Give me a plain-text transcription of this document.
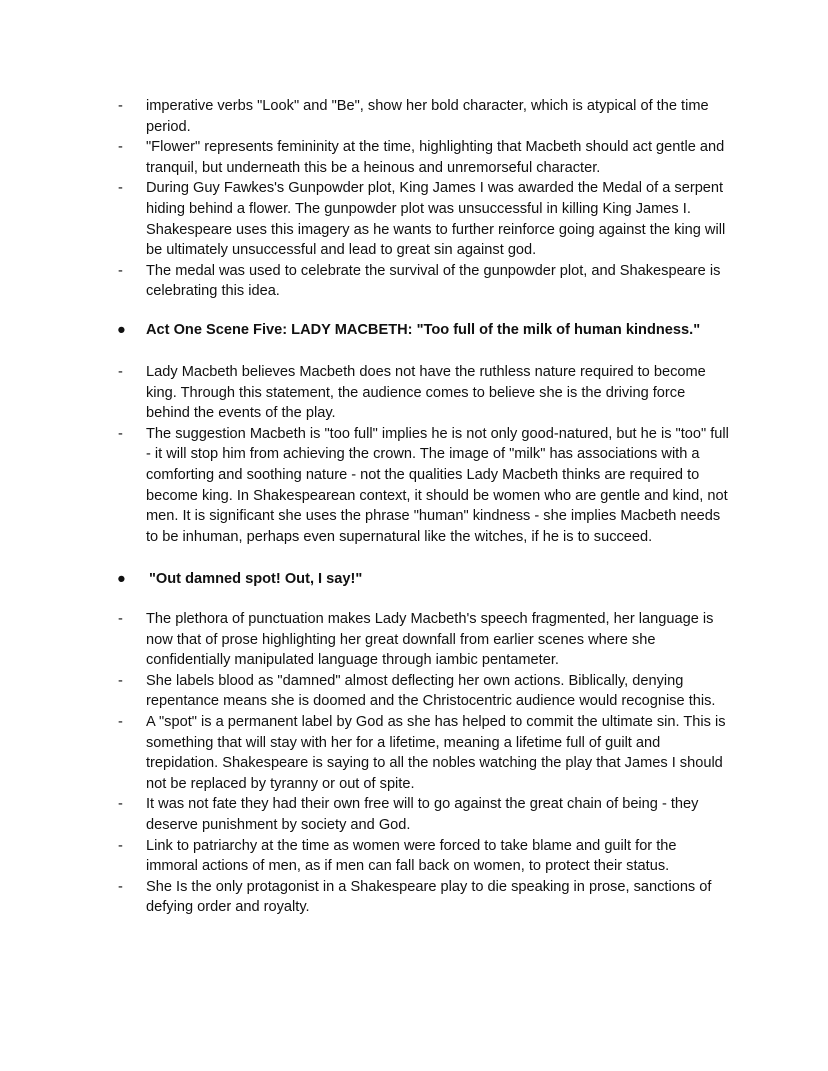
-	imperative verbs "Look" and "Be", show her bold character, which is atypical of the time period.
-	"Flower" represents femininity at the time, highlighting that Macbeth should act gentle and tranquil, but underneath this be a heinous and unremorseful character.
-	During Guy Fawkes's Gunpowder plot, King James I was awarded the Medal of a serpent hiding behind a flower. The gunpowder plot was unsuccessful in killing King James I. Shakespeare uses this imagery as he wants to further reinforce going against the king will be ultimately unsuccessful and lead to great sin against god.
-	The medal was used to celebrate the survival of the gunpowder plot, and Shakespeare is celebrating this idea.
● Act One Scene Five: LADY MACBETH: "Too full of the milk of human kindness."
-	Lady Macbeth believes Macbeth does not have the ruthless nature required to become king. Through this statement, the audience comes to believe she is the driving force behind the events of the play.
-	The suggestion Macbeth is "too full" implies he is not only good-natured, but he is "too" full - it will stop him from achieving the crown. The image of "milk" has associations with a comforting and soothing nature - not the qualities Lady Macbeth thinks are required to become king. In Shakespearean context, it should be women who are gentle and kind, not men. It is significant she uses the phrase "human" kindness - she implies Macbeth needs to be inhuman, perhaps even supernatural like the witches, if he is to succeed.
● "Out damned spot! Out, I say!"
-	The plethora of punctuation makes Lady Macbeth's speech fragmented, her language is now that of prose highlighting her great downfall from earlier scenes where she confidentially manipulated language through iambic pentameter.
-	She labels blood as "damned" almost deflecting her own actions. Biblically, denying repentance means she is doomed and the Christocentric audience would recognise this.
-	A "spot" is a permanent label by God as she has helped to commit the ultimate sin. This is something that will stay with her for a lifetime, meaning a lifetime full of guilt and trepidation. Shakespeare is saying to all the nobles watching the play that James I should not be replaced by tyranny or out of spite.
-	It was not fate they had their own free will to go against the great chain of being - they deserve punishment by society and God.
-	Link to patriarchy at the time as women were forced to take blame and guilt for the immoral actions of men, as if men can fall back on women, to protect their status.
-	She Is the only protagonist in a Shakespeare play to die speaking in prose, sanctions of defying order and royalty.
